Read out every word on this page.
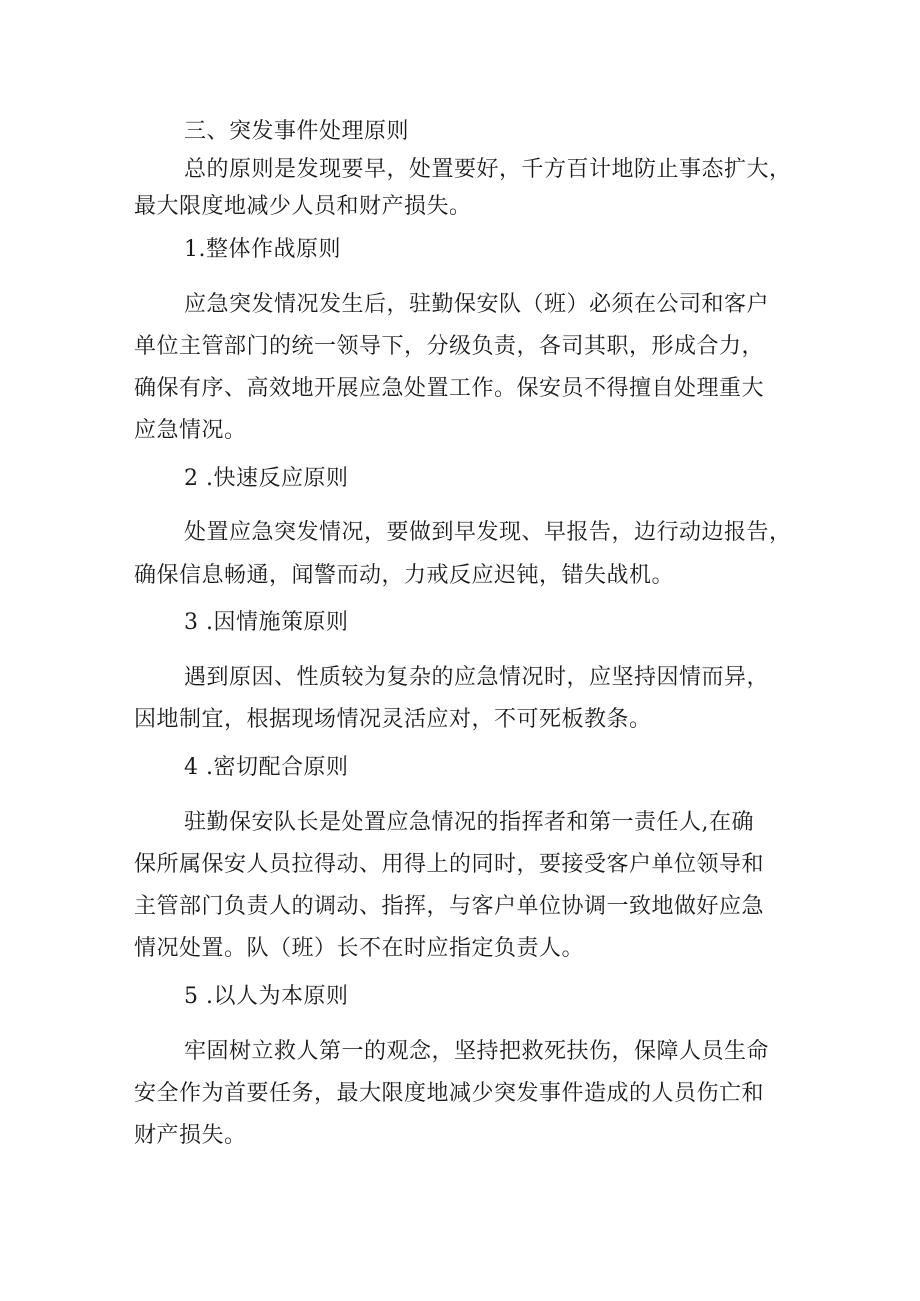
三、突发事件处理原则
总的原则是发现要早，处置要好，千方百计地防止事态扩大，
最大限度地减少人员和财产损失。
1.整体作战原则
应急突发情况发生后，驻勤保安队（班）必须在公司和客户
单位主管部门的统一领导下，分级负责，各司其职，形成合力，
确保有序、高效地开展应急处置工作。保安员不得擅自处理重大
应急情况。
2 .快速反应原则
处置应急突发情况，要做到早发现、早报告，边行动边报告，
确保信息畅通，闻警而动，力戒反应迟钝，错失战机。
3 .因情施策原则
遇到原因、性质较为复杂的应急情况时，应坚持因情而异，
因地制宜，根据现场情况灵活应对，不可死板教条。
4 .密切配合原则
驻勤保安队长是处置应急情况的指挥者和第一责任人,在确
保所属保安人员拉得动、用得上的同时，要接受客户单位领导和
主管部门负责人的调动、指挥，与客户单位协调一致地做好应急
情况处置。队（班）长不在时应指定负责人。
5 .以人为本原则
牢固树立救人第一的观念，坚持把救死扶伤，保障人员生命
安全作为首要任务，最大限度地减少突发事件造成的人员伤亡和
财产损失。
